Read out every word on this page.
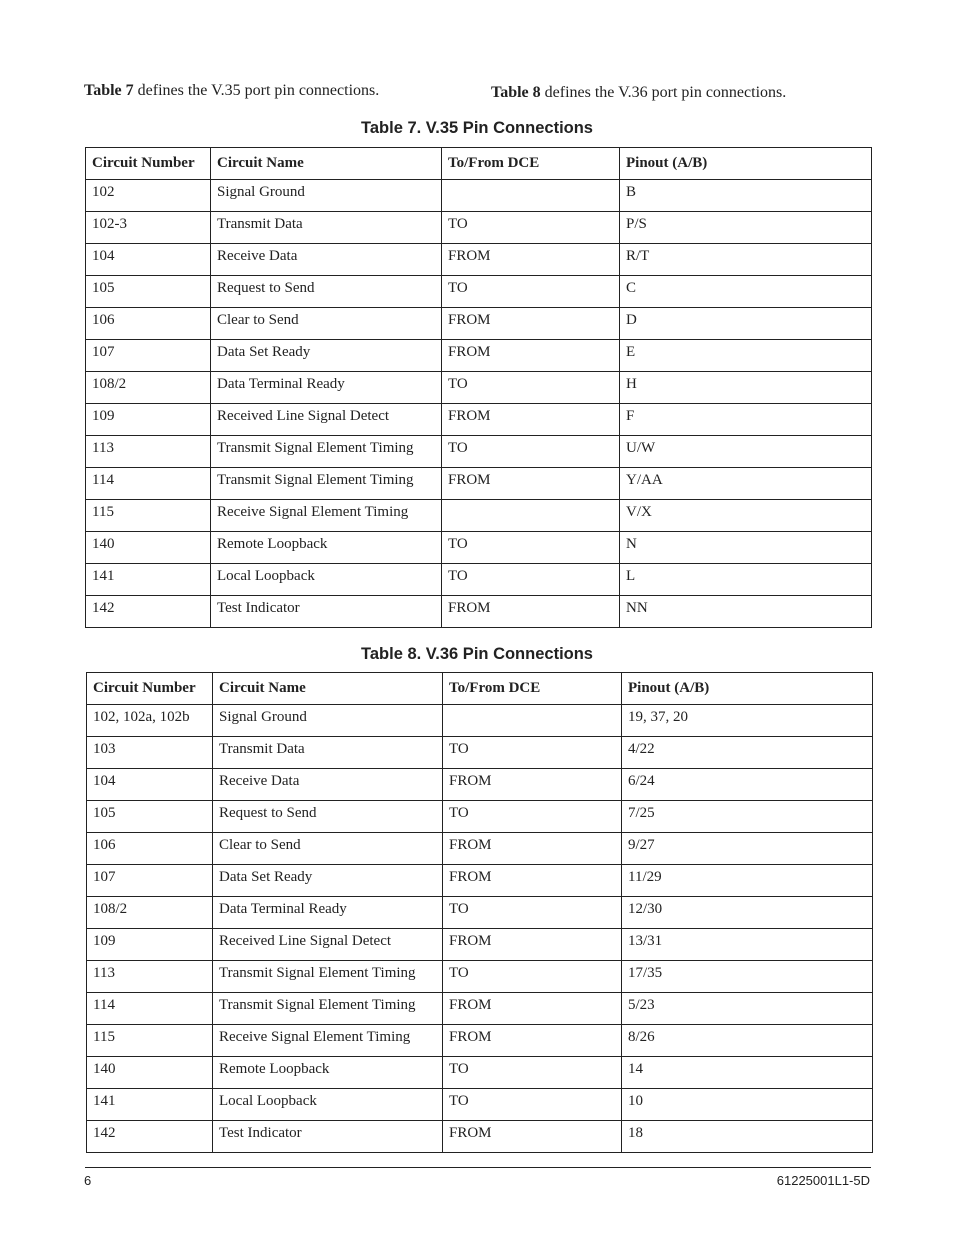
Table 7 defines the V.35 port pin connections.	Table 8 defines the V.36 port pin connections.
Table 7. V.35 Pin Connections
Circuit Number	Circuit Name	To/From DCE	Pinout (A/B)
102	Signal Ground		B
102-3	Transmit Data	TO	P/S
104	Receive Data	FROM	R/T
105	Request to Send	TO	C
106	Clear to Send	FROM	D
107	Data Set Ready	FROM	E
108/2	Data Terminal Ready	TO	H
109	Received Line Signal Detect	FROM	F
113	Transmit Signal Element Timing	TO	U/W
114	Transmit Signal Element Timing	FROM	Y/AA
115	Receive Signal Element Timing		V/X
140	Remote Loopback	TO	N
141	Local Loopback	TO	L
142	Test Indicator	FROM	NN
Table 8. V.36 Pin Connections
Circuit Number	Circuit Name	To/From DCE	Pinout (A/B)
102, 102a, 102b	Signal Ground		19, 37, 20
103	Transmit Data	TO	4/22
104	Receive Data	FROM	6/24
105	Request to Send	TO	7/25
106	Clear to Send	FROM	9/27
107	Data Set Ready	FROM	11/29
108/2	Data Terminal Ready	TO	12/30
109	Received Line Signal Detect	FROM	13/31
113	Transmit Signal Element Timing	TO	17/35
114	Transmit Signal Element Timing	FROM	5/23
115	Receive Signal Element Timing	FROM	8/26
140	Remote Loopback	TO	14
141	Local Loopback	TO	10
142	Test Indicator	FROM	18
6	61225001L1-5D
